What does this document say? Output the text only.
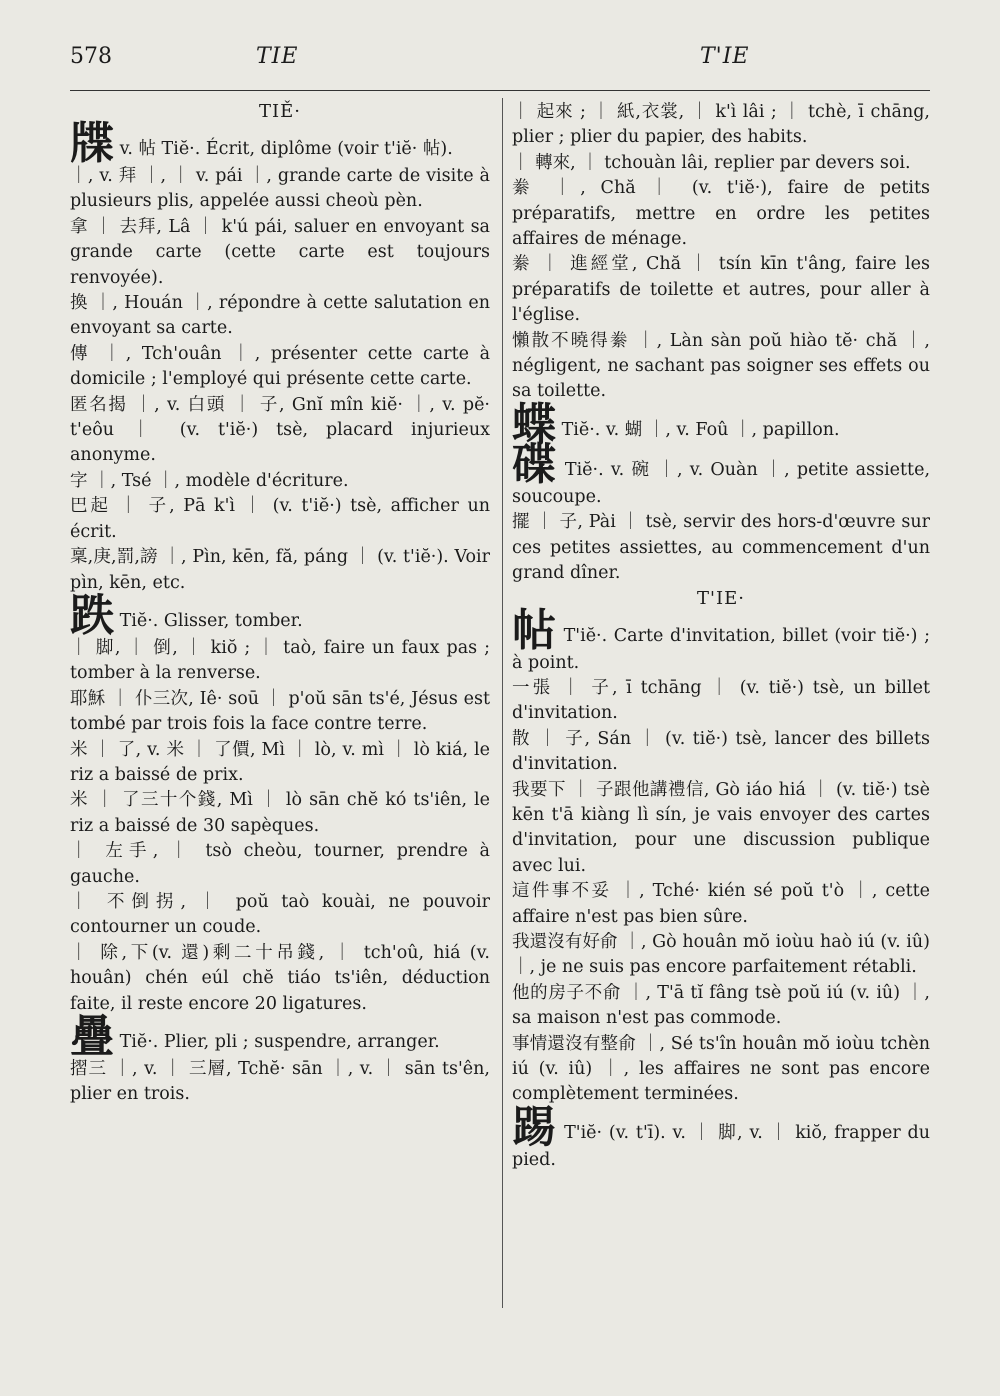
578	TIE	T'IE

TIĚ·

牒 v. 帖 Tiĕ·. Écrit, diplôme (voir t'iĕ· 帖).

｜, v. 拜 ｜, ｜ v. pái ｜, grande carte de visite à plusieurs plis, appelée aussi cheoù pèn.

拿 ｜ 去拜, Lâ ｜ k'ú pái, saluer en envoyant sa grande carte (cette carte est toujours renvoyée).

換 ｜, Houán ｜, répondre à cette salutation en envoyant sa carte.

傳 ｜, Tch'ouân ｜, présenter cette carte à domicile ; l'employé qui présente cette carte.

匿名揭 ｜, v. 白頭 ｜ 子, Gnĭ mîn kiĕ· ｜, v. pĕ· t'eôu ｜ (v. t'iĕ·) tsè, placard injurieux anonyme.

字 ｜, Tsé ｜, modèle d'écriture.

巴起 ｜ 子, Pā k'ì ｜ (v. t'iĕ·) tsè, afficher un écrit.

稟,庚,罰,謗 ｜, Pìn, kēn, fă, páng ｜ (v. t'iĕ·). Voir pìn, kēn, etc.

跌 Tiĕ·. Glisser, tomber.

｜ 脚, ｜ 倒, ｜ kiŏ ; ｜ taò, faire un faux pas ; tomber à la renverse.

耶穌 ｜ 仆三次, Iê· soū ｜ p'oŭ sān ts'é, Jésus est tombé par trois fois la face contre terre.

米 ｜ 了, v. 米 ｜ 了價, Mì ｜ lò, v. mì ｜ lò kiá, le riz a baissé de prix.

米 ｜ 了三十个錢, Mì ｜ lò sān chĕ kó ts'iên, le riz a baissé de 30 sapèques.

｜ 左手, ｜ tsò cheòu, tourner, prendre à gauche.

｜ 不倒拐, ｜ poŭ taò kouài, ne pouvoir contourner un coude.

｜ 除,下(v. 還)剩二十吊錢, ｜ tch'oû, hiá (v. houân) chén eúl chĕ tiáo ts'iên, déduction faite, il reste encore 20 ligatures.

疊 Tiĕ·. Plier, pli ; suspendre, arranger.

摺三 ｜, v. ｜ 三層, Tchĕ· sān ｜, v. ｜ sān ts'ên, plier en trois.

｜ 起來 ; ｜ 紙,衣裳, ｜ k'ì lâi ; ｜ tchè, ī chāng, plier ; plier du papier, des habits.

｜ 轉來, ｜ tchouàn lâi, replier par devers soi.

絭 ｜, Chă ｜ (v. t'iĕ·), faire de petits préparatifs, mettre en ordre les petites affaires de ménage.

絭 ｜ 進經堂, Chă ｜ tsín kīn t'âng, faire les préparatifs de toilette et autres, pour aller à l'église.

懶散不曉得絭 ｜, Làn sàn poŭ hiào tĕ· chă ｜, négligent, ne sachant pas soigner ses effets ou sa toilette.

蝶 Tiĕ·. v. 蝴 ｜, v. Foû ｜, papillon.

碟 Tiĕ·. v. 碗 ｜, v. Ouàn ｜, petite assiette, soucoupe.

擺 ｜ 子, Pài ｜ tsè, servir des hors-d'œuvre sur ces petites assiettes, au commencement d'un grand dîner.

T'IE·

帖 T'iĕ·. Carte d'invitation, billet (voir tiĕ·) ; à point.

一張 ｜ 子, ī tchāng ｜ (v. tiĕ·) tsè, un billet d'invitation.

散 ｜ 子, Sán ｜ (v. tiĕ·) tsè, lancer des billets d'invitation.

我要下 ｜ 子跟他講禮信, Gò iáo hiá ｜ (v. tiĕ·) tsè kēn t'ā kiàng lì sín, je vais envoyer des cartes d'invitation, pour une discussion publique avec lui.

這件事不妥 ｜, Tché· kién sé poŭ t'ò ｜, cette affaire n'est pas bien sûre.

我還沒有好俞 ｜, Gò houân mŏ ioùu haò iú (v. iû) ｜, je ne suis pas encore parfaitement rétabli.

他的房子不俞 ｜, T'ā tĭ fâng tsè poŭ iú (v. iû) ｜, sa maison n'est pas commode.

事情還沒有整俞 ｜, Sé ts'în houân mŏ ioùu tchèn iú (v. iû) ｜, les affaires ne sont pas encore complètement terminées.

踢 T'iĕ· (v. t'ī). v. ｜ 脚, v. ｜ kiŏ, frapper du pied.
